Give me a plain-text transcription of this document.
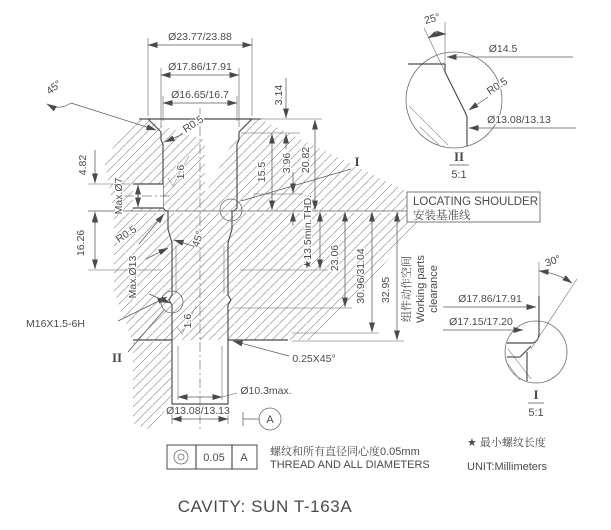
Ø23.77/23.88
Ø17.86/17.91
Ø16.65/16.7
45°
R0.5
3.14
4.82
Max.Ø7
16.26	R0.5
Max.Ø13
M16X1.5-6H
II
1.6
1.6
45°
15.5 3.96 20.82
★13.5min.THD. 23.06 30.96/31.04 32.95 组件动作空间 Working parts clearance
I
0.25X45°
Ø10.3max.
Ø13.08/13.13
A
LOCATING SHOULDER
安装基准线
25°
Ø14.5
R0.5
Ø13.08/13.13
II
5:1
30°
Ø17.86/17.91
Ø17.15/17.20
I
5:1
0.05 A 螺纹和所有直径同心度0.05mm
THREAD AND ALL DIAMETERS
★ 最小螺纹长度
UNIT:Millimeters
CAVITY: SUN T-163A
